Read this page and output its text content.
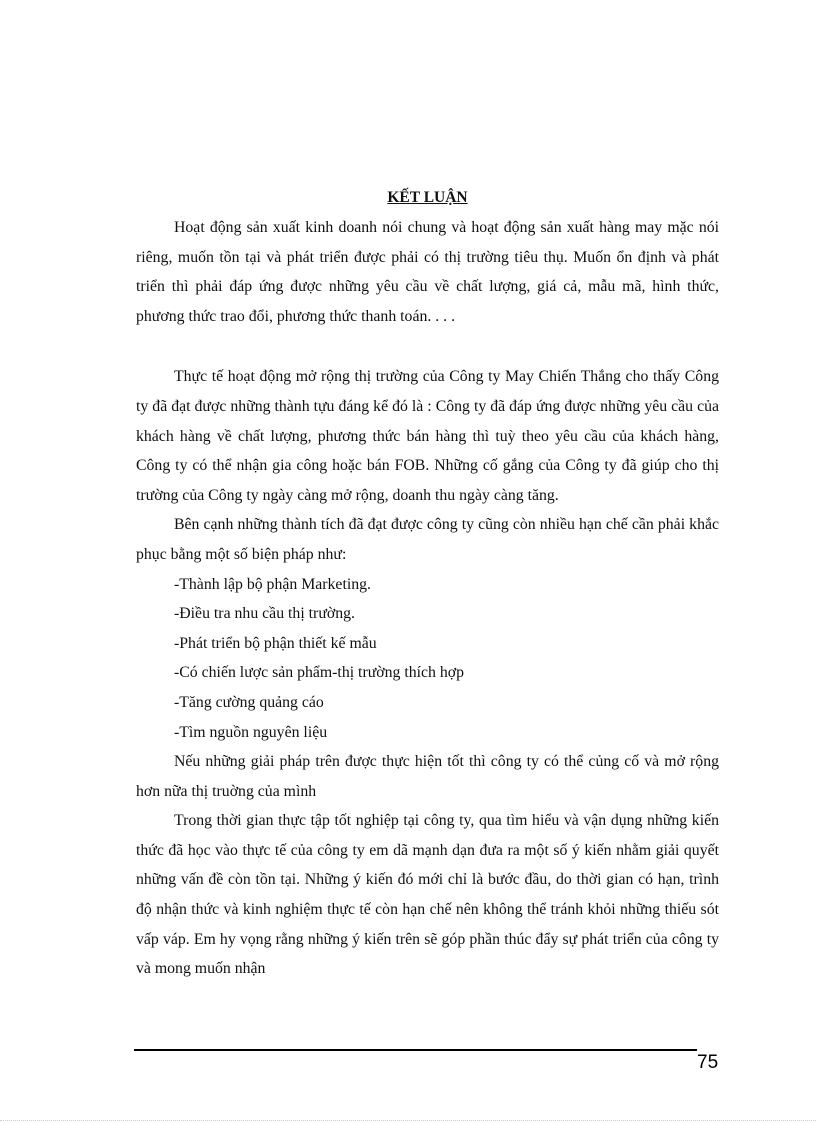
KẾT LUẬN

Hoạt động sản xuất kinh doanh nói chung và hoạt động sản xuất hàng may mặc nói riêng, muốn tồn tại và phát triển được phải có thị trường tiêu thụ. Muốn ổn định và phát triển thì phải đáp ứng được những yêu cầu về chất lượng, giá cả, mẫu mã, hình thức, phương thức trao đổi, phương thức thanh toán. . . .

Thực tế hoạt động mở rộng thị trường của Công ty May Chiến Thắng cho thấy Công ty đã đạt được những thành tựu đáng kể đó là : Công ty đã đáp ứng được những yêu cầu của khách hàng về chất lượng, phương thức bán hàng thì tuỳ theo yêu cầu của khách hàng, Công ty có thể nhận gia công hoặc bán FOB. Những cố gắng của Công ty đã giúp cho thị trường của Công ty ngày càng mở rộng, doanh thu ngày càng tăng.

Bên cạnh những thành tích đã đạt được công ty cũng còn nhiều hạn chế cần phải khắc phục bằng một số biện pháp như:

-Thành lập bộ phận Marketing.

-Điều tra nhu cầu thị trường.

-Phát triển bộ phận thiết kế mẫu

-Có chiến lược sản phẩm-thị trường thích hợp

-Tăng cường quảng cáo

-Tìm nguồn nguyên liệu

Nếu những giải pháp trên được thực hiện tốt thì công ty có thể củng cố và mở rộng hơn nữa thị truờng của mình

Trong thời gian thực tập tốt nghiệp tại công ty, qua tìm hiểu và vận dụng những kiến thức đã học vào thực tế của công ty em dã mạnh dạn đưa ra một số ý kiến nhằm giải quyết những vấn đề còn tồn tại. Những ý kiến đó mới chỉ là bước đầu, do thời gian có hạn, trình độ nhận thức và kinh nghiệm thực tế còn hạn chế nên không thể tránh khỏi những thiếu sót vấp váp. Em hy vọng rằng những ý kiến trên sẽ góp phần thúc đẩy sự phát triển của công ty và mong muốn nhận

75
